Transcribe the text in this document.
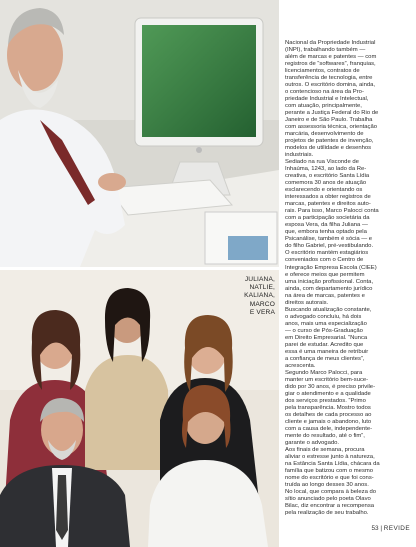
JULIANA,
NATLIE,
KALIANA,
MARCO
E VERA
Nacional da Propriedade Industrial
(INPI), trabalhando também —
além de marcas e patentes — com
registros de “softwares”, franquias,
licenciamentos, contratos de
transferência de tecnologia, entre
outros. O escritório domina, ainda,
o contencioso na área da Pro-
priedade Industrial e Intelectual,
com atuação, principalmente,
perante a Justiça Federal do Rio de
Janeiro e de São Paulo. Trabalha
com assessoria técnica, orientação
marcária, desenvolvimento de
projetos de patentes de invenção,
modelos de utilidade e desenhos
industriais.
Sediado na rua Visconde de
Inhaúma, 1243, ao lado da Re-
creativa, o escritório Santa Lídia
comemora 30 anos de atuação
esclarecendo e orientando os
interessados a obter registros de
marcas, patentes e direitos auto-
rais. Para isso, Marco Palocci conta
com a participação societária da
esposa Vera, da filha Juliana —
que, embora tenha optado pela
Psicanálise, também é sócia — e
do filho Gabriel, pré-vestibulando.
O escritório mantém estagiários
conveniados com o Centro de
Integração Empresa Escola (CIEE)
e oferece meios que permitem
uma iniciação profissional. Conta,
ainda, com departamento jurídico
na área de marcas, patentes e
direitos autorais.
Buscando atualização constante,
o advogado concluiu, há dois
anos, mais uma especialização
— o curso de Pós-Graduação
em Direito Empresarial. “Nunca
parei de estudar. Acredito que
essa é uma maneira de retribuir
a confiança de meus clientes”,
acrescenta.
Segundo Marco Palocci, para
manter um escritório bem-suce-
dido por 30 anos, é preciso privile-
giar o atendimento e a qualidade
dos serviços prestados. “Primo
pela transparência. Mostro todos
os detalhes de cada processo ao
cliente e jamais o abandono, luto
com a causa dele, independente-
mente do resultado, até o fim”,
garante o advogado.
Aos finais de semana, procura
aliviar o estresse junto à natureza,
na Estância Santa Lídia, chácara da
família que batizou com o mesmo
nome do escritório e que foi cons-
truída ao longo desses 30 anos.
No local, que compara à beleza do
sítio anunciado pelo poeta Olavo
Bilac, diz encontrar a recompensa
pela realização de seu trabalho.
53 | REVIDE
